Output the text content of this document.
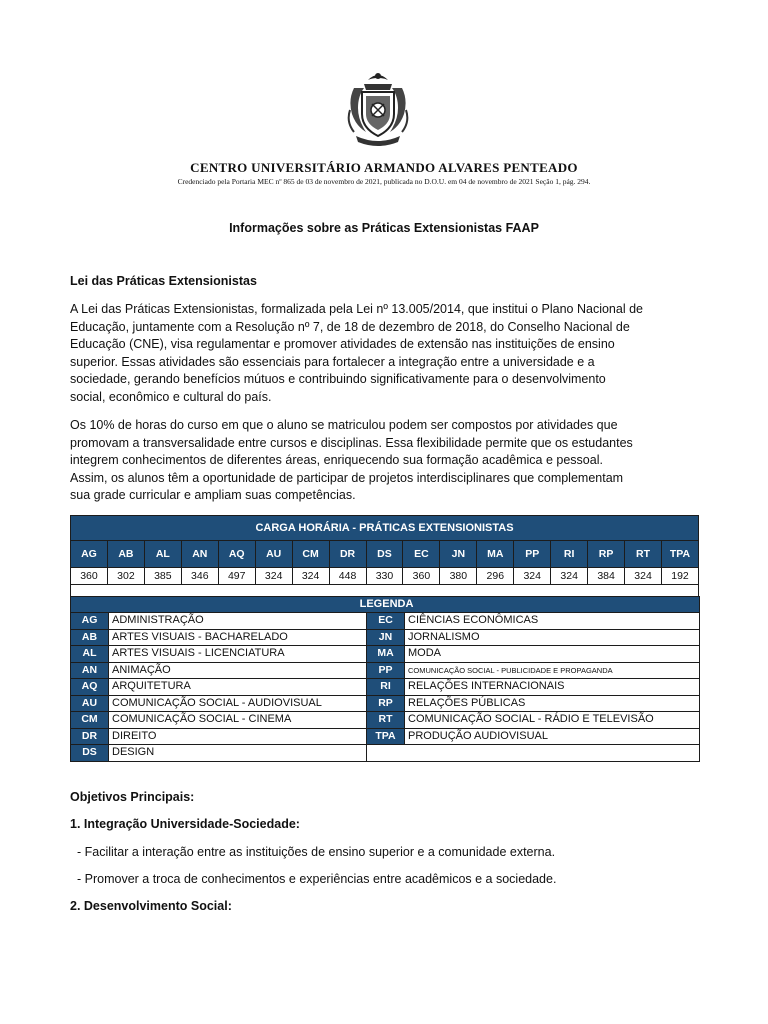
CENTRO UNIVERSITÁRIO ARMANDO ALVARES PENTEADO

Credenciado pela Portaria MEC nº 865 de 03 de novembro de 2021, publicada no D.O.U. em 04 de novembro de 2021 Seção 1, pág. 294.

Informações sobre as Práticas Extensionistas FAAP

Lei das Práticas Extensionistas

A Lei das Práticas Extensionistas, formalizada pela Lei nº 13.005/2014, que institui o Plano Nacional de
Educação, juntamente com a Resolução nº 7, de 18 de dezembro de 2018, do Conselho Nacional de
Educação (CNE), visa regulamentar e promover atividades de extensão nas instituições de ensino
superior. Essas atividades são essenciais para fortalecer a integração entre a universidade e a
sociedade, gerando benefícios mútuos e contribuindo significativamente para o desenvolvimento
social, econômico e cultural do país.
Os 10% de horas do curso em que o aluno se matriculou podem ser compostos por atividades que
promovam a transversalidade entre cursos e disciplinas. Essa flexibilidade permite que os estudantes
integrem conhecimentos de diferentes áreas, enriquecendo sua formação acadêmica e pessoal.
Assim, os alunos têm a oportunidade de participar de projetos interdisciplinares que complementam
sua grade curricular e ampliam suas competências.
CARGA HORÁRIA - PRÁTICAS EXTENSIONISTAS																
AG	AB	AL	AN	AQ	AU	CM	DR	DS	EC	JN	MA	PP	RI	RP	RT	TPA
360	302	385	346	497	324	324	448	330	360	380	296	324	324	384	324	192

LEGENDA			
AG	ADMINISTRAÇÃO	EC	CIÊNCIAS ECONÔMICAS
AB	ARTES VISUAIS - BACHARELADO	JN	JORNALISMO
AL	ARTES VISUAIS - LICENCIATURA	MA	MODA
AN	ANIMAÇÃO	PP	COMUNICAÇÃO SOCIAL - PUBLICIDADE E PROPAGANDA
AQ	ARQUITETURA	RI	RELAÇÕES INTERNACIONAIS
AU	COMUNICAÇÃO SOCIAL - AUDIOVISUAL	RP	RELAÇÕES PÚBLICAS
CM	COMUNICAÇÃO SOCIAL - CINEMA	RT	COMUNICAÇÃO SOCIAL - RÁDIO E TELEVISÃO
DR	DIREITO	TPA	PRODUÇÃO AUDIOVISUAL
DS	DESIGN		

Objetivos Principais:

1. Integração Universidade-Sociedade:

- Facilitar a interação entre as instituições de ensino superior e a comunidade externa.

- Promover a troca de conhecimentos e experiências entre acadêmicos e a sociedade.

2. Desenvolvimento Social:
